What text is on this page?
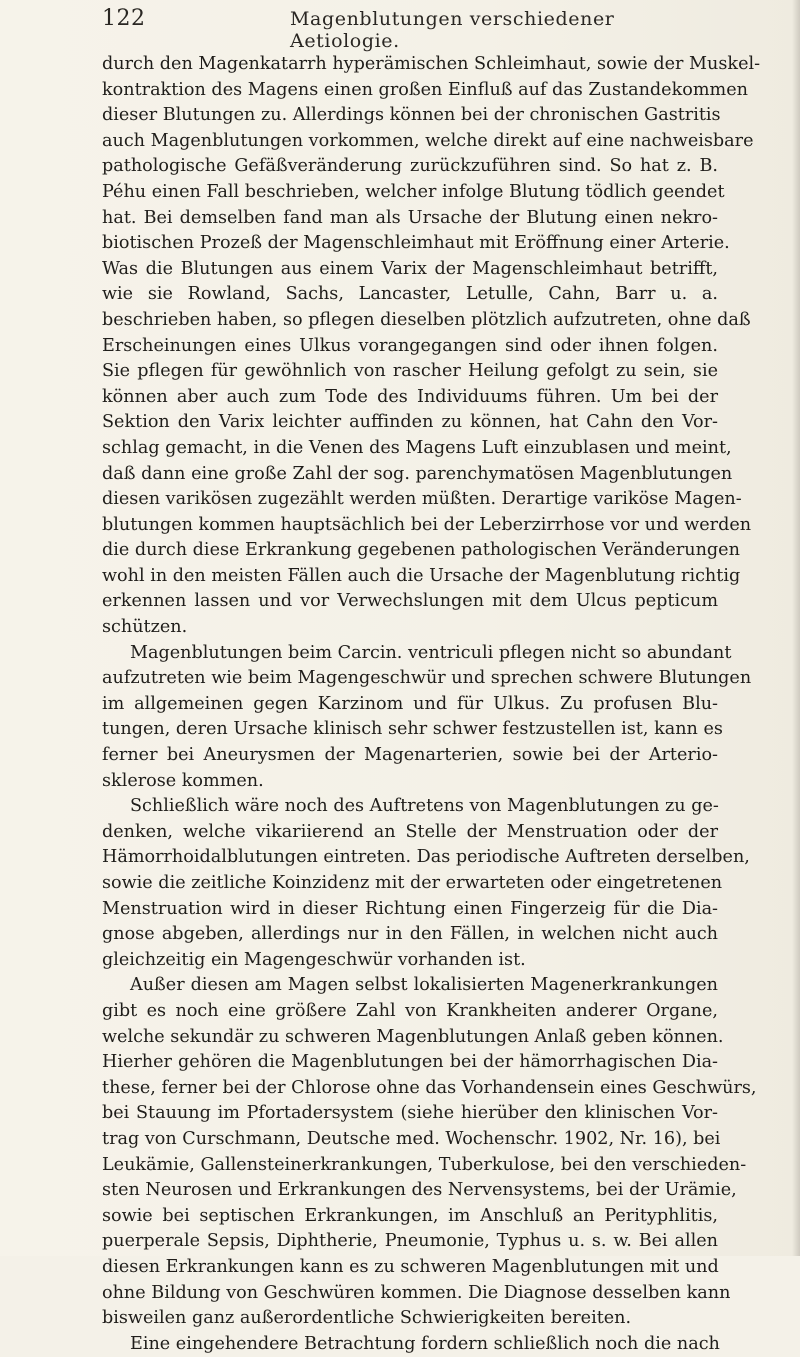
122	Magenblutungen verschiedener Aetiologie.
durch den Magenkatarrh hyperämischen Schleimhaut, sowie der Muskel-
kontraktion des Magens einen großen Einfluß auf das Zustandekommen
dieser Blutungen zu. Allerdings können bei der chronischen Gastritis
auch Magenblutungen vorkommen, welche direkt auf eine nachweisbare
pathologische Gefäßveränderung zurückzuführen sind. So hat z. B.
Péhu einen Fall beschrieben, welcher infolge Blutung tödlich geendet
hat. Bei demselben fand man als Ursache der Blutung einen nekro-
biotischen Prozeß der Magenschleimhaut mit Eröffnung einer Arterie.
Was die Blutungen aus einem Varix der Magenschleimhaut betrifft,
wie sie Rowland, Sachs, Lancaster, Letulle, Cahn, Barr u. a.
beschrieben haben, so pflegen dieselben plötzlich aufzutreten, ohne daß
Erscheinungen eines Ulkus vorangegangen sind oder ihnen folgen.
Sie pflegen für gewöhnlich von rascher Heilung gefolgt zu sein, sie
können aber auch zum Tode des Individuums führen. Um bei der
Sektion den Varix leichter auffinden zu können, hat Cahn den Vor-
schlag gemacht, in die Venen des Magens Luft einzublasen und meint,
daß dann eine große Zahl der sog. parenchymatösen Magenblutungen
diesen varikösen zugezählt werden müßten. Derartige variköse Magen-
blutungen kommen hauptsächlich bei der Leberzirrhose vor und werden
die durch diese Erkrankung gegebenen pathologischen Veränderungen
wohl in den meisten Fällen auch die Ursache der Magenblutung richtig
erkennen lassen und vor Verwechslungen mit dem Ulcus pepticum
schützen.
Magenblutungen beim Carcin. ventriculi pflegen nicht so abundant
aufzutreten wie beim Magengeschwür und sprechen schwere Blutungen
im allgemeinen gegen Karzinom und für Ulkus. Zu profusen Blu-
tungen, deren Ursache klinisch sehr schwer festzustellen ist, kann es
ferner bei Aneurysmen der Magenarterien, sowie bei der Arterio-
sklerose kommen.
Schließlich wäre noch des Auftretens von Magenblutungen zu ge-
denken, welche vikariierend an Stelle der Menstruation oder der
Hämorrhoidalblutungen eintreten. Das periodische Auftreten derselben,
sowie die zeitliche Koinzidenz mit der erwarteten oder eingetretenen
Menstruation wird in dieser Richtung einen Fingerzeig für die Dia-
gnose abgeben, allerdings nur in den Fällen, in welchen nicht auch
gleichzeitig ein Magengeschwür vorhanden ist.
Außer diesen am Magen selbst lokalisierten Magenerkrankungen
gibt es noch eine größere Zahl von Krankheiten anderer Organe,
welche sekundär zu schweren Magenblutungen Anlaß geben können.
Hierher gehören die Magenblutungen bei der hämorrhagischen Dia-
these, ferner bei der Chlorose ohne das Vorhandensein eines Geschwürs,
bei Stauung im Pfortadersystem (siehe hierüber den klinischen Vor-
trag von Curschmann, Deutsche med. Wochenschr. 1902, Nr. 16), bei
Leukämie, Gallensteinerkrankungen, Tuberkulose, bei den verschieden-
sten Neurosen und Erkrankungen des Nervensystems, bei der Urämie,
sowie bei septischen Erkrankungen, im Anschluß an Perityphlitis,
puerperale Sepsis, Diphtherie, Pneumonie, Typhus u. s. w. Bei allen
diesen Erkrankungen kann es zu schweren Magenblutungen mit und
ohne Bildung von Geschwüren kommen. Die Diagnose desselben kann
bisweilen ganz außerordentliche Schwierigkeiten bereiten.
Eine eingehendere Betrachtung fordern schließlich noch die nach
